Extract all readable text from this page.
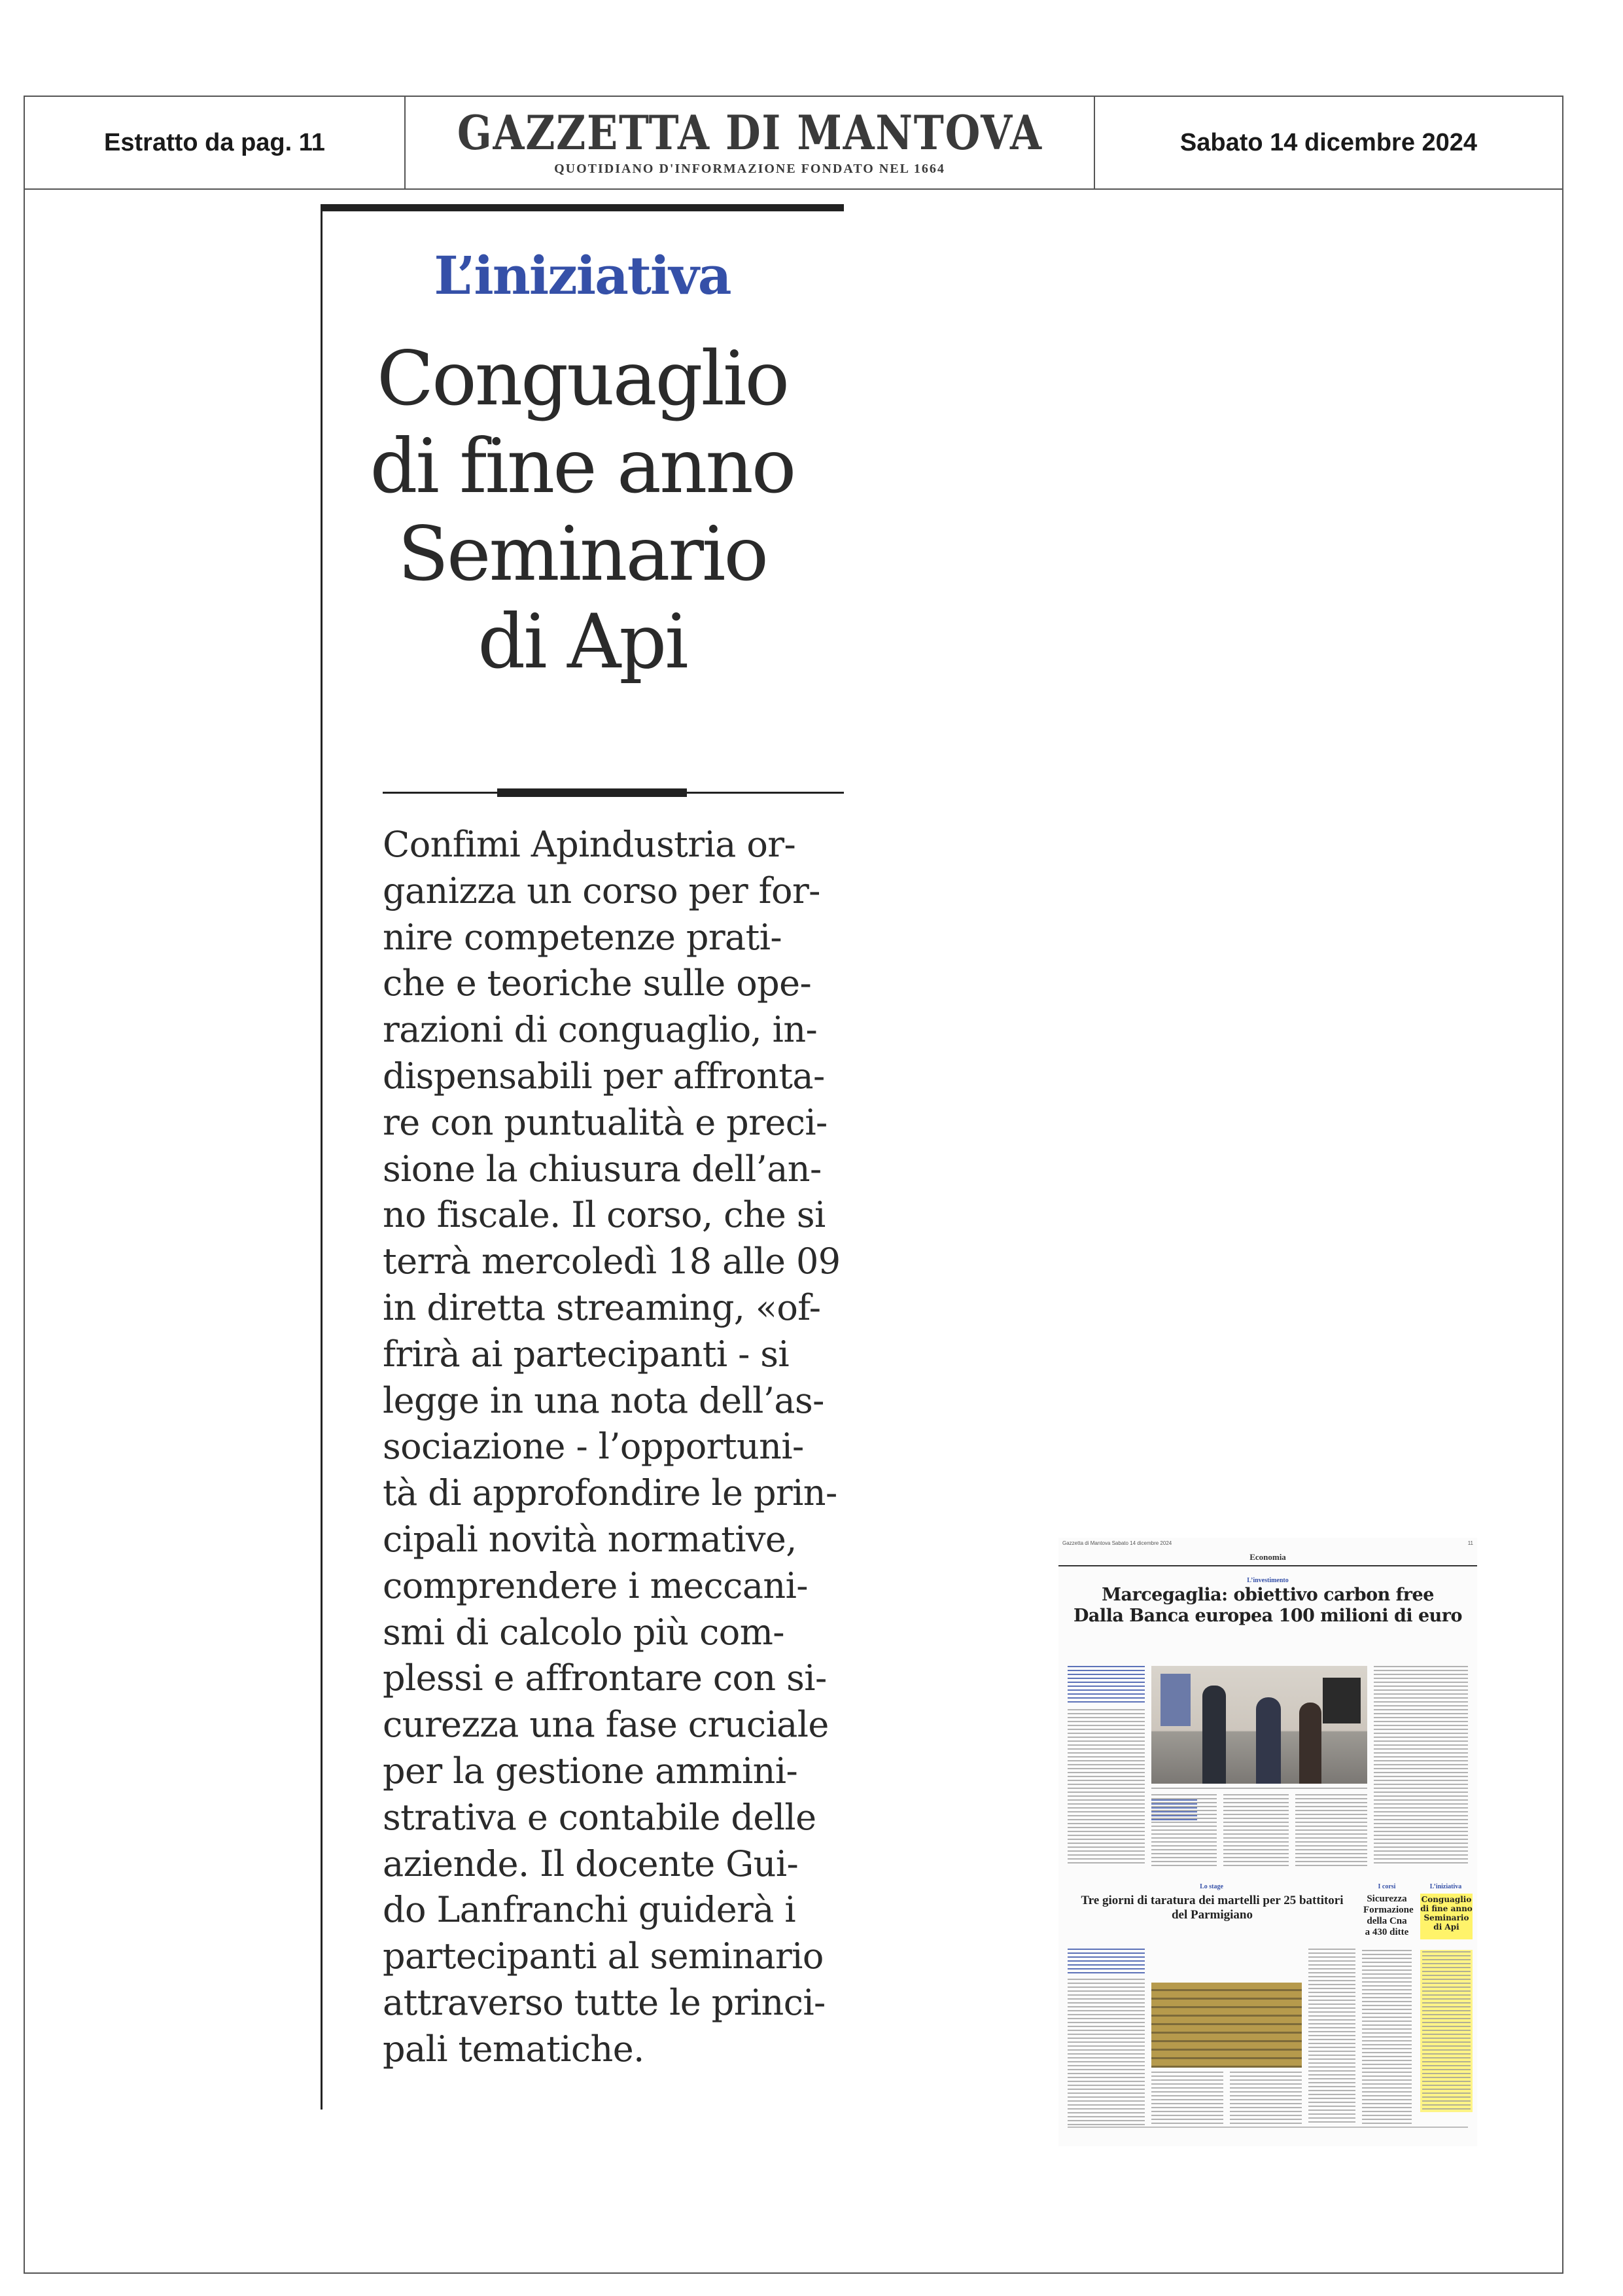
Estratto da pag. 11	GAZZETTA DI MANTOVA
QUOTIDIANO D'INFORMAZIONE FONDATO NEL 1664
Sabato 14 dicembre 2024
L’iniziativa
Conguaglio
di fine anno
Seminario
di Api
Confimi Apindustria or-
ganizza un corso per for-
nire competenze prati-
che e teoriche sulle ope-
razioni di conguaglio, in-
dispensabili per affronta-
re con puntualità e preci-
sione la chiusura dell’an-
no fiscale. Il corso, che si
terrà mercoledì 18 alle 09
in diretta streaming, «of-
frirà ai partecipanti - si
legge in una nota dell’as-
sociazione - l’opportuni-
tà di approfondire le prin-
cipali novità normative,
comprendere i meccani-
smi di calcolo più com-
plessi e affrontare con si-
curezza una fase cruciale
per la gestione ammini-
strativa e contabile delle
aziende. Il docente Gui-
do Lanfranchi guiderà i
partecipanti al seminario
attraverso tutte le princi-
pali tematiche.
Gazzetta di Mantova Sabato 14 dicembre 2024	11
Economia
L’investimento
Marcegaglia: obiettivo carbon free
Dalla Banca europea 100 milioni di euro
Lo stage
Tre giorni di taratura dei martelli per 25 battitori del Parmigiano
I corsi
Sicurezza Formazione della Cna a 430 ditte
L’iniziativa
Conguaglio di fine anno Seminario di Api
